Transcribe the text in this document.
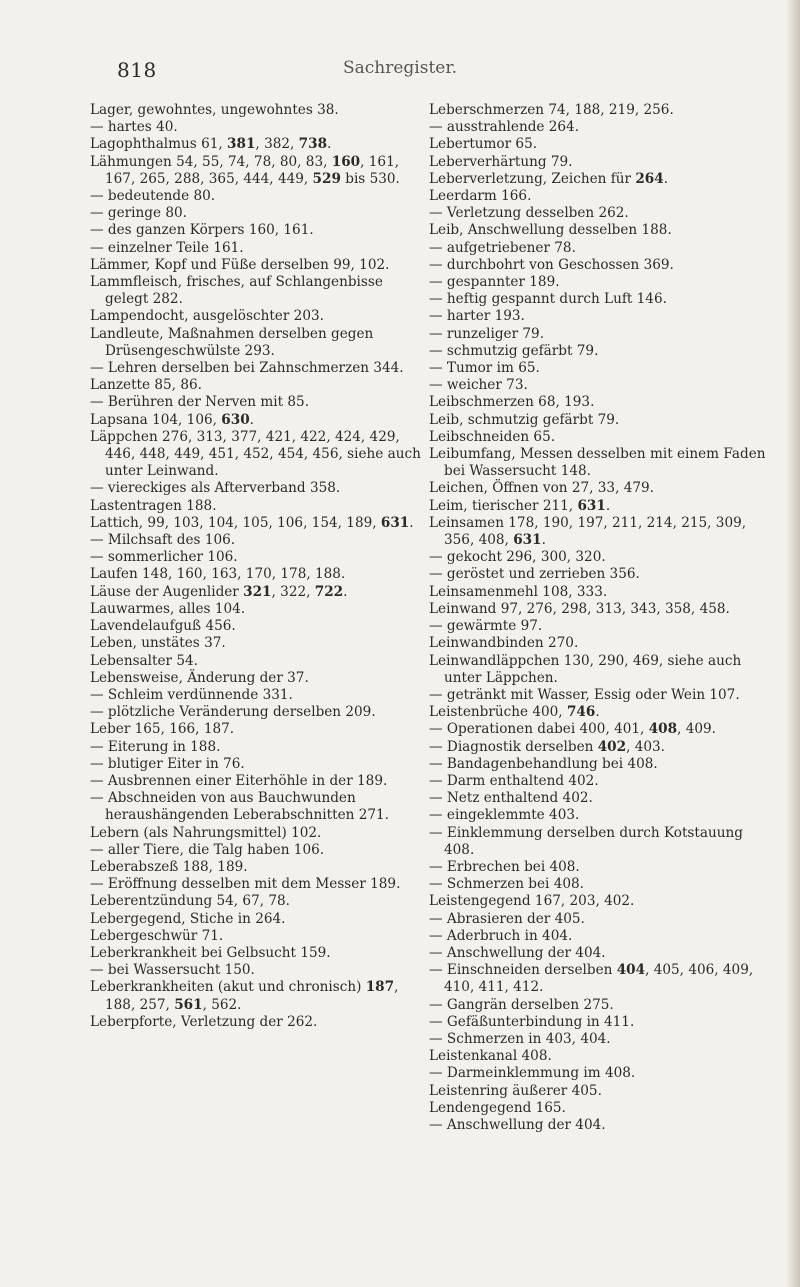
818	Sachregister.

Lager, gewohntes, ungewohntes 38.

— hartes 40.

Lagophthalmus 61, 381, 382, 738.

Lähmungen 54, 55, 74, 78, 80, 83, 160, 161, 167, 265, 288, 365, 444, 449, 529 bis 530.

— bedeutende 80.

— geringe 80.

— des ganzen Körpers 160, 161.

— einzelner Teile 161.

Lämmer, Kopf und Füße derselben 99, 102.

Lammfleisch, frisches, auf Schlangenbisse gelegt 282.

Lampendocht, ausgelöschter 203.

Landleute, Maßnahmen derselben gegen Drüsengeschwülste 293.

— Lehren derselben bei Zahnschmerzen 344.

Lanzette 85, 86.

— Berühren der Nerven mit 85.

Lapsana 104, 106, 630.

Läppchen 276, 313, 377, 421, 422, 424, 429, 446, 448, 449, 451, 452, 454, 456, siehe auch unter Leinwand.

— viereckiges als Afterverband 358.

Lastentragen 188.

Lattich, 99, 103, 104, 105, 106, 154, 189, 631.

— Milchsaft des 106.

— sommerlicher 106.

Laufen 148, 160, 163, 170, 178, 188.

Läuse der Augenlider 321, 322, 722.

Lauwarmes, alles 104.

Lavendelaufguß 456.

Leben, unstätes 37.

Lebensalter 54.

Lebensweise, Änderung der 37.

— Schleim verdünnende 331.

— plötzliche Veränderung derselben 209.

Leber 165, 166, 187.

— Eiterung in 188.

— blutiger Eiter in 76.

— Ausbrennen einer Eiterhöhle in der 189.

— Abschneiden von aus Bauchwunden heraushängenden Leberabschnitten 271.

Lebern (als Nahrungsmittel) 102.

— aller Tiere, die Talg haben 106.

Leberabszeß 188, 189.

— Eröffnung desselben mit dem Messer 189.

Leberentzündung 54, 67, 78.

Lebergegend, Stiche in 264.

Lebergeschwür 71.

Leberkrankheit bei Gelbsucht 159.

— bei Wassersucht 150.

Leberkrankheiten (akut und chronisch) 187, 188, 257, 561, 562.

Leberpforte, Verletzung der 262.

Leberschmerzen 74, 188, 219, 256.

— ausstrahlende 264.

Lebertumor 65.

Leberverhärtung 79.

Leberverletzung, Zeichen für 264.

Leerdarm 166.

— Verletzung desselben 262.

Leib, Anschwellung desselben 188.

— aufgetriebener 78.

— durchbohrt von Geschossen 369.

— gespannter 189.

— heftig gespannt durch Luft 146.

— harter 193.

— runzeliger 79.

— schmutzig gefärbt 79.

— Tumor im 65.

— weicher 73.

Leibschmerzen 68, 193.

Leib, schmutzig gefärbt 79.

Leibschneiden 65.

Leibumfang, Messen desselben mit einem Faden bei Wassersucht 148.

Leichen, Öffnen von 27, 33, 479.

Leim, tierischer 211, 631.

Leinsamen 178, 190, 197, 211, 214, 215, 309, 356, 408, 631.

— gekocht 296, 300, 320.

— geröstet und zerrieben 356.

Leinsamenmehl 108, 333.

Leinwand 97, 276, 298, 313, 343, 358, 458.

— gewärmte 97.

Leinwandbinden 270.

Leinwandläppchen 130, 290, 469, siehe auch unter Läppchen.

— getränkt mit Wasser, Essig oder Wein 107.

Leistenbrüche 400, 746.

— Operationen dabei 400, 401, 408, 409.

— Diagnostik derselben 402, 403.

— Bandagenbehandlung bei 408.

— Darm enthaltend 402.

— Netz enthaltend 402.

— eingeklemmte 403.

— Einklemmung derselben durch Kotstauung 408.

— Erbrechen bei 408.

— Schmerzen bei 408.

Leistengegend 167, 203, 402.

— Abrasieren der 405.

— Aderbruch in 404.

— Anschwellung der 404.

— Einschneiden derselben 404, 405, 406, 409, 410, 411, 412.

— Gangrän derselben 275.

— Gefäßunterbindung in 411.

— Schmerzen in 403, 404.

Leistenkanal 408.

— Darmeinklemmung im 408.

Leistenring äußerer 405.

Lendengegend 165.

— Anschwellung der 404.
